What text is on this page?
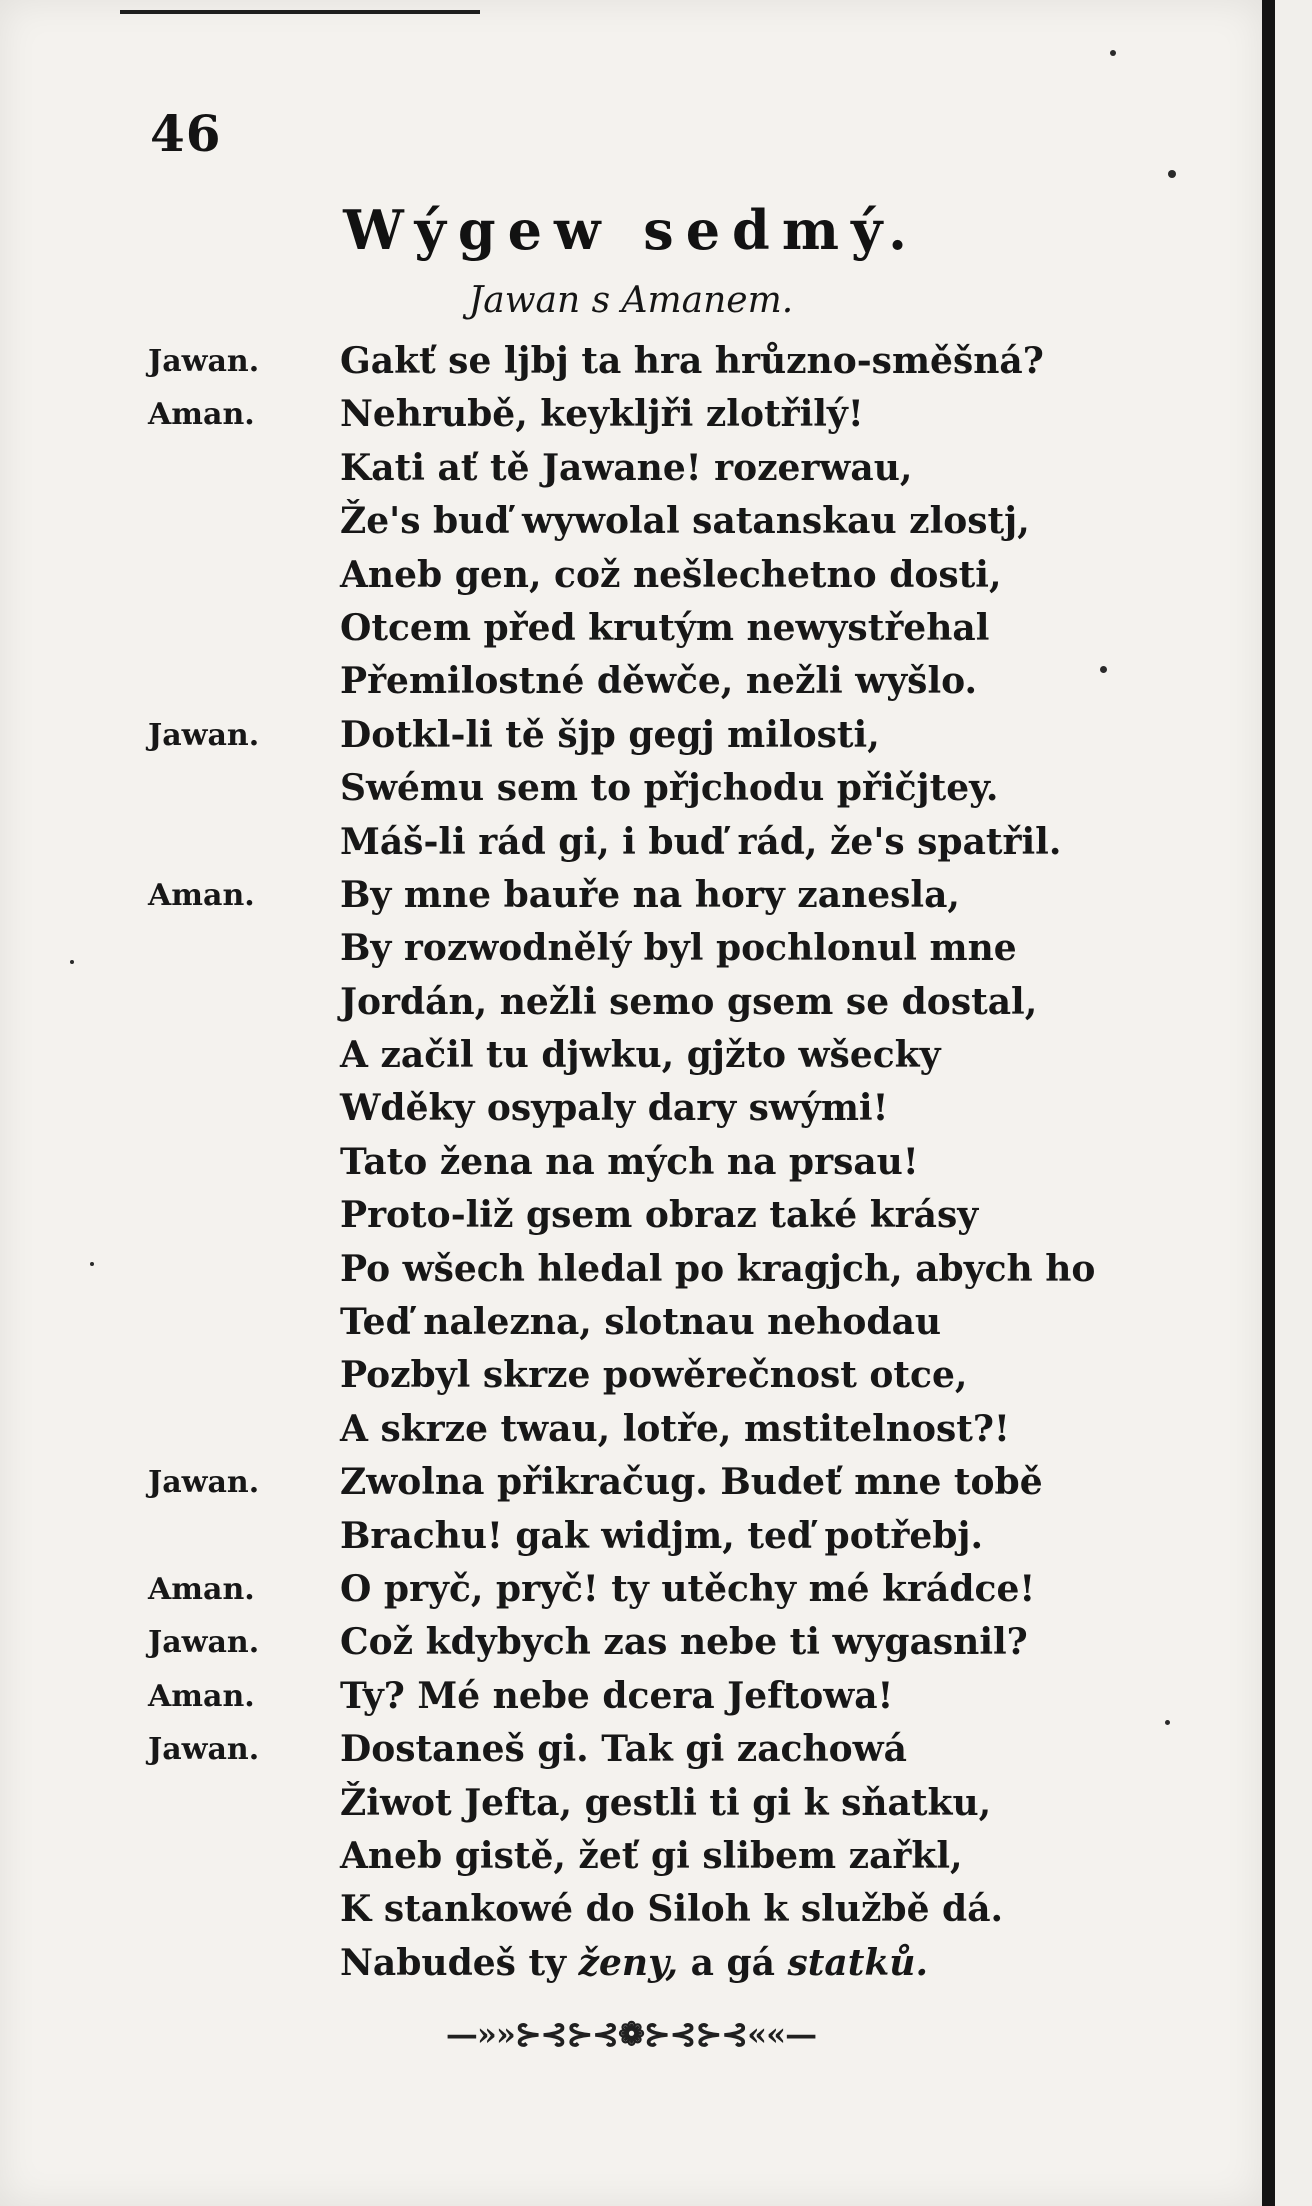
46
Wýgew sedmý.
Jawan s Amanem.
Jawan. Gakť se ljbj ta hra hrůzno-směšná?
Aman. Nehrubě, keyklјři zlotřilý!
Kati ať tě Jawane! rozerwau,
Že's buď wywolal satanskau zlostj,
Aneb gen, což nešlechetno dosti,
Otcem před krutým newystřehal
Přemilostné děwče, nežli wyšlo.
Jawan. Dotkl-li tě šjp gegj milosti,
Swému sem to přjchodu přičjtey.
Máš-li rád gi, i buď rád, že's spatřil.
Aman. By mne bauře na hory zanesla,
By rozwodnělý byl pochlonul mne
Jordán, nežli semo gsem se dostal,
A začil tu djwku, gjžto wšecky
Wděky osypaly dary swými!
Tato žena na mých na prsau!
Proto-liž gsem obraz také krásy
Po wšech hledal po kragjch, abych ho
Teď nalezna, slotnau nehodau
Pozbyl skrze powěrečnost otce,
A skrze twau, lotře, mstitelnost?!
Jawan. Zwolna přikračug. Budeť mne tobě
Brachu! gak widjm, teď potřebj.
Aman. O pryč, pryč! ty utěchy mé krádce!
Jawan. Což kdybych zas nebe ti wygasnil?
Aman. Ty? Mé nebe dcera Jeftowa!
Jawan. Dostaneš gi. Tak gi zachowá
Žiwot Jefta, gestli ti gi k sňatku,
Aneb gistě, žeť gi slibem zařkl,
K stankowé do Siloh k službě dá.
Nabudeš ty ženy, a gá statků.
—»»⊱⊰⊱⊰❁⊱⊰⊱⊰««—
